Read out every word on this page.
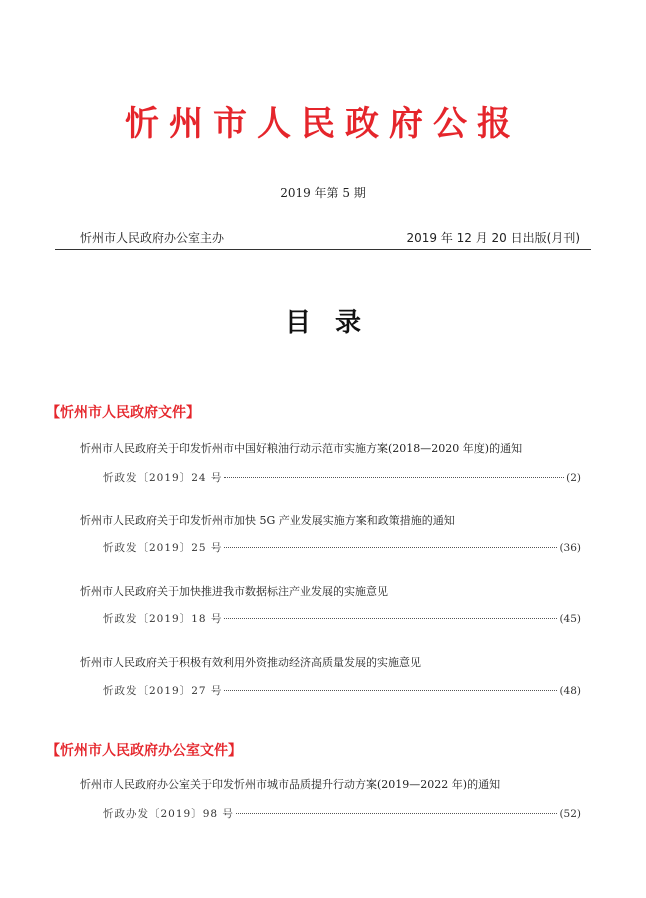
忻州市人民政府公报
2019 年第 5 期
忻州市人民政府办公室主办	2019 年 12 月 20 日出版(月刊)
目录
【忻州市人民政府文件】
忻州市人民政府关于印发忻州市中国好粮油行动示范市实施方案(2018—2020 年度)的通知
忻政发〔2019〕24 号	(2)
忻州市人民政府关于印发忻州市加快 5G 产业发展实施方案和政策措施的通知
忻政发〔2019〕25 号	(36)
忻州市人民政府关于加快推进我市数据标注产业发展的实施意见
忻政发〔2019〕18 号	(45)
忻州市人民政府关于积极有效利用外资推动经济高质量发展的实施意见
忻政发〔2019〕27 号	(48)
【忻州市人民政府办公室文件】
忻州市人民政府办公室关于印发忻州市城市品质提升行动方案(2019—2022 年)的通知
忻政办发〔2019〕98 号	(52)
